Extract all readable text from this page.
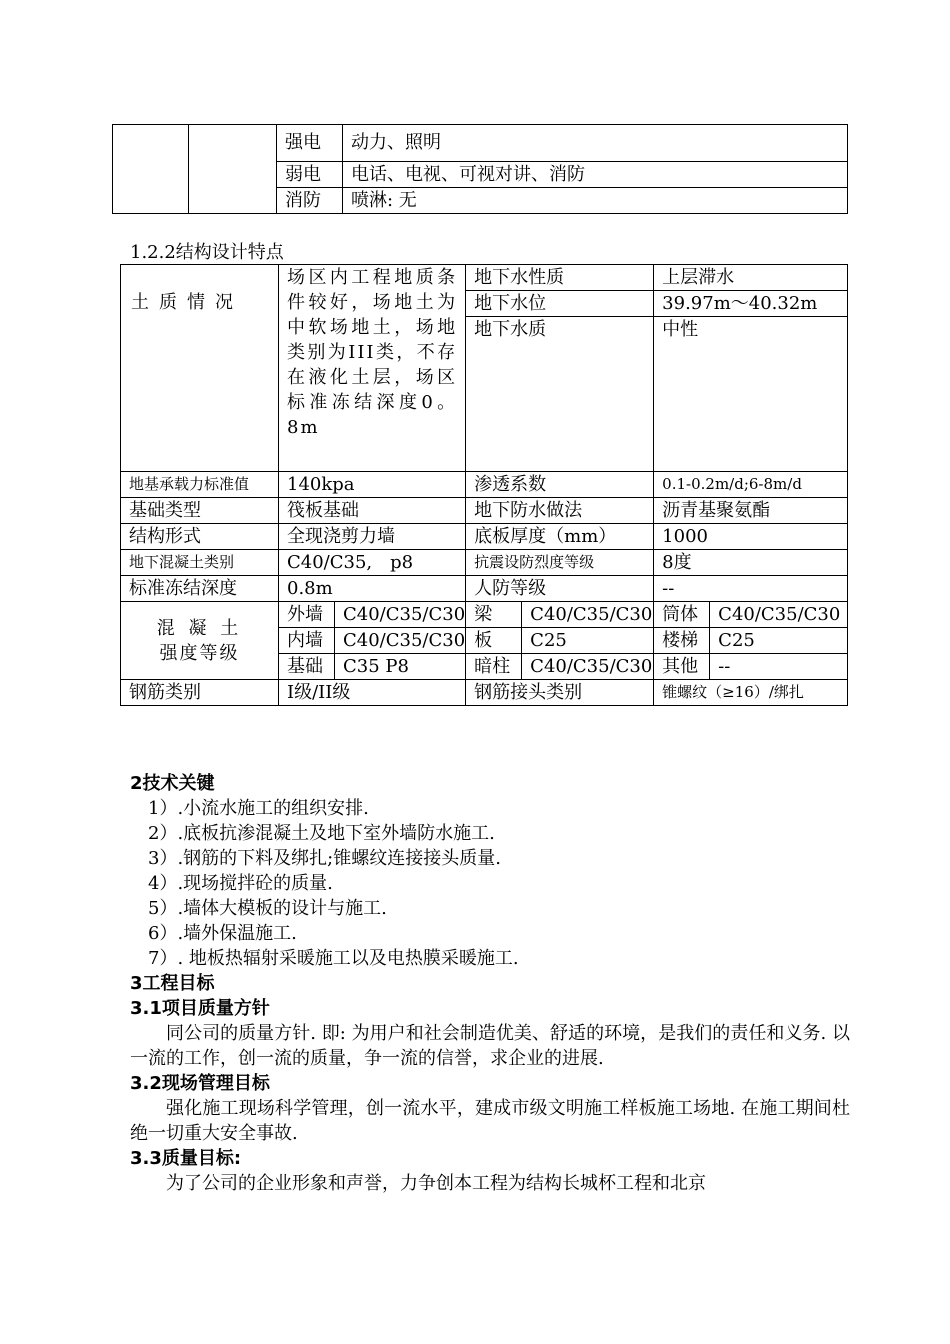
		强电	动力、照明
		弱电	电话、电视、可视对讲、消防
		消防	喷淋: 无
1.2.2结构设计特点
土质情况	场区内工程地质条件较好，场地土为中软场地土，场地类别为III类，不存在液化土层，场区标准冻结深度0。8m		地下水性质		上层滞水	
			地下水位		39.97m～40.32m	
			地下水质		中性	
地基承载力标准值	140kpa		渗透系数		0.1-0.2m/d;6-8m/d	
基础类型	筏板基础		地下防水做法		沥青基聚氨酯	
结构形式	全现浇剪力墙		底板厚度（mm）		1000	
地下混凝土类别	C40/C35,　p8		抗震设防烈度等级		8度	
标准冻结深度	0.8m		人防等级		--	

混 凝 土
强度等级	外墙	C40/C35/C30	梁	C40/C35/C30	筒体	C40/C35/C30
	内墙	C40/C35/C30	板	C25	楼梯	C25
	基础	C35 P8	暗柱	C40/C35/C30	其他	--
钢筋类别	I级/II级		钢筋接头类别		锥螺纹（≥16）/绑扎	
2技术关键
1）.小流水施工的组织安排.
2）.底板抗渗混凝土及地下室外墙防水施工.
3）.钢筋的下料及绑扎;锥螺纹连接接头质量.
4）.现场搅拌砼的质量.
5）.墙体大模板的设计与施工.
6）.墙外保温施工.
7）. 地板热辐射采暖施工以及电热膜采暖施工.
3工程目标
3.1项目质量方针
同公司的质量方针. 即: 为用户和社会制造优美、舒适的环境，是我们的责任和义务. 以一流的工作，创一流的质量，争一流的信誉，求企业的进展.
3.2现场管理目标
强化施工现场科学管理，创一流水平，建成市级文明施工样板施工场地. 在施工期间杜绝一切重大安全事故.
3.3质量目标:
为了公司的企业形象和声誉，力争创本工程为结构长城杯工程和北京
